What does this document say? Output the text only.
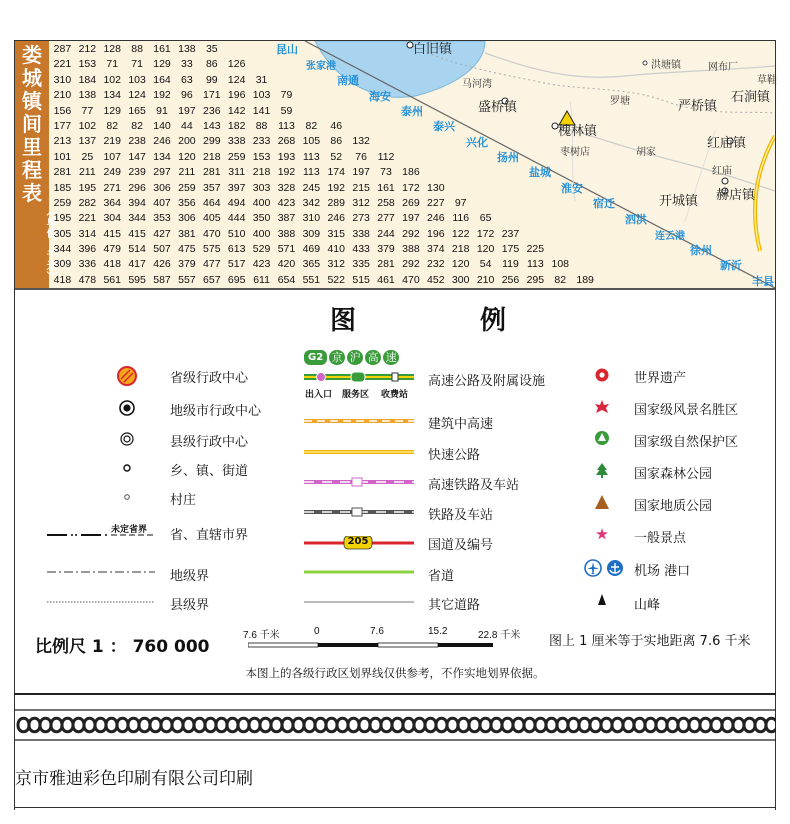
娄
城
镇
间
里
程
表
（单位：千米）
287 212 128 88 161 138 35
221 153 71	71 129 33	86 126
310 184 102 103 164 63	99 124 31
210 138 134 124 192 96 171 196 103 79
156 77 129 165 91 197 236 142 141 59
177 102 82	82 140 44 143 182 88	113	82	46
213 137 219 238 246 200 299 338 233 268 105 86 132
101 25 107 147 134 120 218 259 153 193 113	52	76	112
281 211 249 239 297 211 281 311 218 192 113 174 197 73 186
185 195 271 296 306 259 357 397 303 328 245 192 215 161 172 130
259 282 364 394 407 356 464 494 400 423 342 289 312 258 269 227 97
195 221 304 344 353 306 405 444 350 387 310 246 273 277 197 246 116	65
305 314 415 415 427 381 470 510 400 388 309 315 338 244 292 196 122 172 237
344 396 479 514 507 475 575 613 529 571 469 410 433 379 388 374 218 120 175 225
309 336 418 417 426 379 477 517 423 420 365 312 335 281 292 232 120 54	119 113 108
418 478 561 595 587 557 657 695 611 654 551 522 515 461 470 452 300 210 256 295 82 189
昆山
张家港
南通
海安
泰州
泰兴
兴化
扬州
盐城
淮安
宿迁
泗洪
连云港
徐州
新沂
丰县
白旧镇
马河湾
洪塘镇	网布厂
草鞋
盛桥镇	罗塘	严桥镇
石涧镇
槐林镇
枣树店	胡家
红庙镇
红庙
开城镇 赫店镇
图	例
未定省界
省级行政中心
地级市行政中心
县级行政中心
乡、镇、街道
村庄
省、直辖市界
地级界
县级界
G2 京 沪 高 速
出入口 服务区 收费站
205
高速公路及附属设施
建筑中高速
快速公路
高速铁路及车站
铁路及车站
国道及编号
省道
其它道路
世界遗产
国家级风景名胜区
国家级自然保护区
国家森林公园
国家地质公园
一般景点
机场 港口
山峰
比例尺 1 ： 760 000
7.6 千米	0	7.6	15.2	22.8 千米 图上 1 厘米等于实地距离 7.6 千米
本图上的各级行政区划界线仅供参考，不作实地划界依据。
京市雅迪彩色印刷有限公司印刷
